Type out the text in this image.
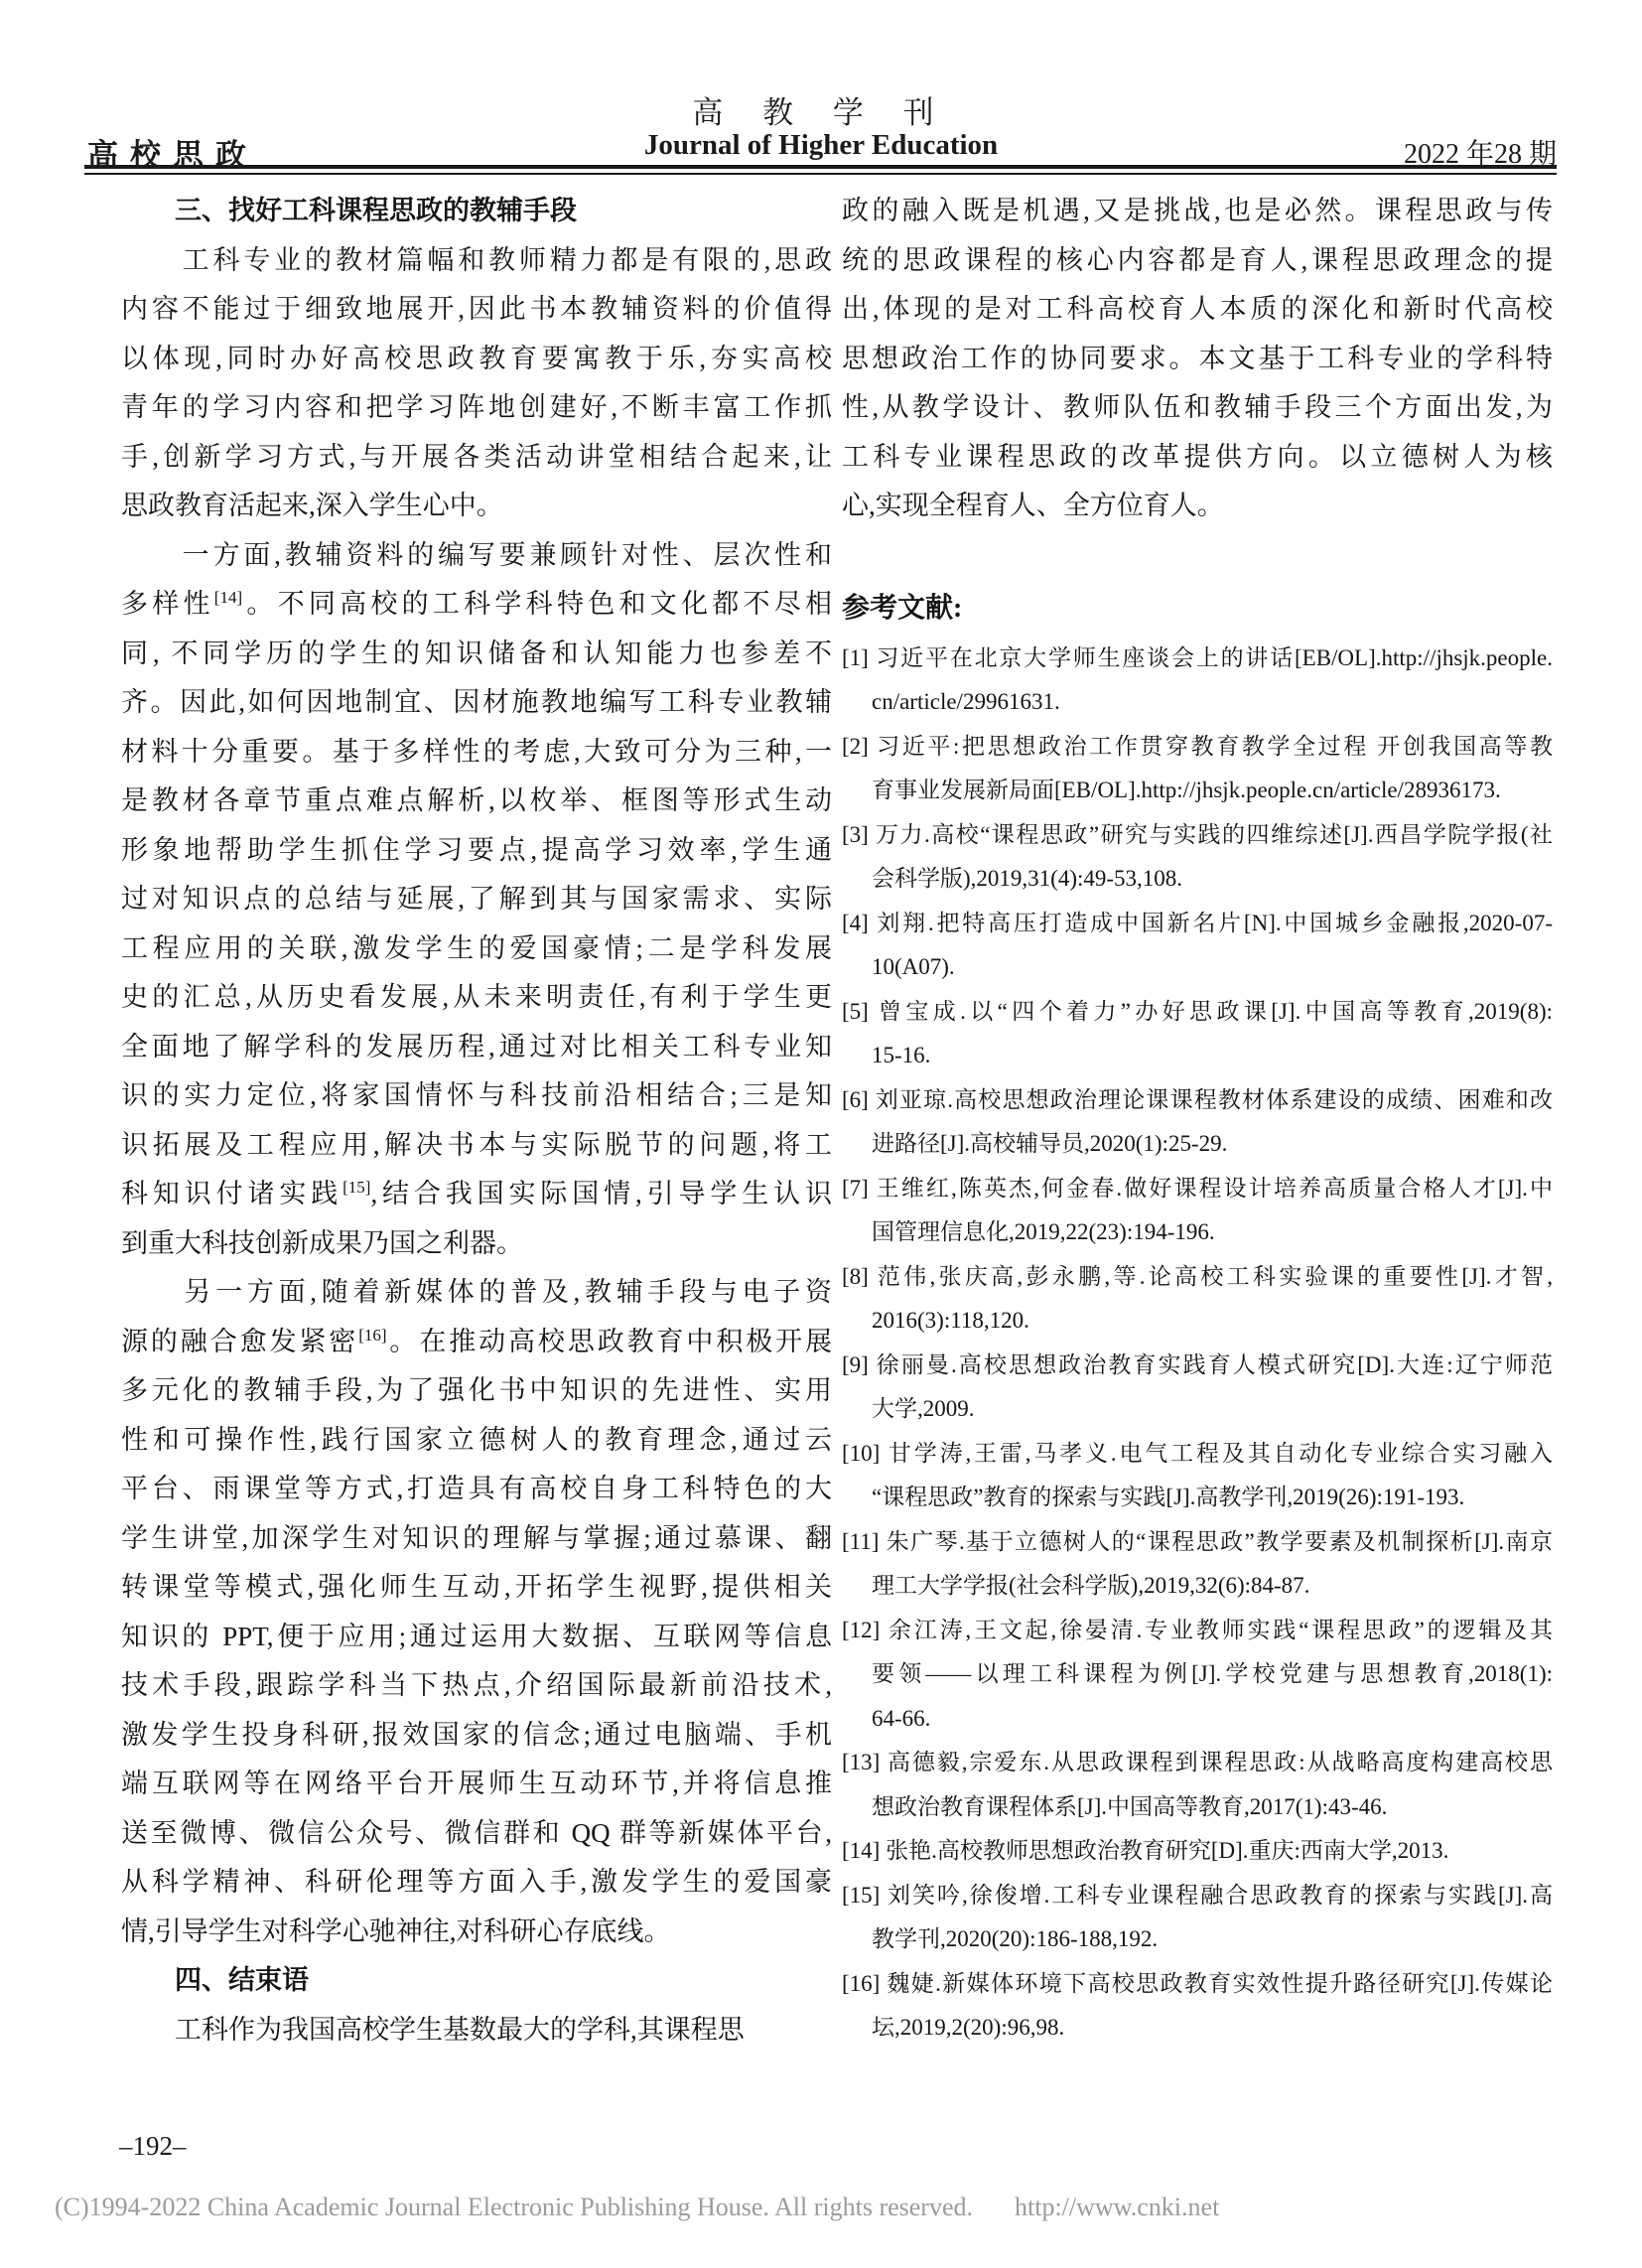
高 教 学 刊
Journal of Higher Education
高校思政	2022 年28 期
　　三、找好工科课程思政的教辅手段
　　工科专业的教材篇幅和教师精力都是有限的,思政
内容不能过于细致地展开,因此书本教辅资料的价值得
以体现,同时办好高校思政教育要寓教于乐,夯实高校
青年的学习内容和把学习阵地创建好,不断丰富工作抓
手,创新学习方式,与开展各类活动讲堂相结合起来,让
思政教育活起来,深入学生心中。
　　一方面,教辅资料的编写要兼顾针对性、层次性和
多样性[14]。不同高校的工科学科特色和文化都不尽相
同, 不同学历的学生的知识储备和认知能力也参差不
齐。因此,如何因地制宜、因材施教地编写工科专业教辅
材料十分重要。基于多样性的考虑,大致可分为三种,一
是教材各章节重点难点解析,以枚举、框图等形式生动
形象地帮助学生抓住学习要点,提高学习效率,学生通
过对知识点的总结与延展,了解到其与国家需求、实际
工程应用的关联,激发学生的爱国豪情;二是学科发展
史的汇总,从历史看发展,从未来明责任,有利于学生更
全面地了解学科的发展历程,通过对比相关工科专业知
识的实力定位,将家国情怀与科技前沿相结合;三是知
识拓展及工程应用,解决书本与实际脱节的问题,将工
科知识付诸实践[15],结合我国实际国情,引导学生认识
到重大科技创新成果乃国之利器。
　　另一方面,随着新媒体的普及,教辅手段与电子资
源的融合愈发紧密[16]。在推动高校思政教育中积极开展
多元化的教辅手段,为了强化书中知识的先进性、实用
性和可操作性,践行国家立德树人的教育理念,通过云
平台、雨课堂等方式,打造具有高校自身工科特色的大
学生讲堂,加深学生对知识的理解与掌握;通过慕课、翻
转课堂等模式,强化师生互动,开拓学生视野,提供相关
知识的 PPT,便于应用;通过运用大数据、互联网等信息
技术手段,跟踪学科当下热点,介绍国际最新前沿技术,
激发学生投身科研,报效国家的信念;通过电脑端、手机
端互联网等在网络平台开展师生互动环节,并将信息推
送至微博、微信公众号、微信群和 QQ 群等新媒体平台,
从科学精神、科研伦理等方面入手,激发学生的爱国豪
情,引导学生对科学心驰神往,对科研心存底线。
　　四、结束语
　　工科作为我国高校学生基数最大的学科,其课程思
政的融入既是机遇,又是挑战,也是必然。课程思政与传
统的思政课程的核心内容都是育人,课程思政理念的提
出,体现的是对工科高校育人本质的深化和新时代高校
思想政治工作的协同要求。本文基于工科专业的学科特
性,从教学设计、教师队伍和教辅手段三个方面出发,为
工科专业课程思政的改革提供方向。以立德树人为核
心,实现全程育人、全方位育人。
参考文献:
[1] 习近平在北京大学师生座谈会上的讲话[EB/OL].http://jhsjk.people.
cn/article/29961631.
[2] 习近平:把思想政治工作贯穿教育教学全过程 开创我国高等教
育事业发展新局面[EB/OL].http://jhsjk.people.cn/article/28936173.
[3] 万力.高校“课程思政”研究与实践的四维综述[J].西昌学院学报(社
会科学版),2019,31(4):49-53,108.
[4] 刘翔.把特高压打造成中国新名片[N].中国城乡金融报,2020-07-
10(A07).
[5] 曾宝成.以“四个着力”办好思政课[J].中国高等教育,2019(8):
15-16.
[6] 刘亚琼.高校思想政治理论课课程教材体系建设的成绩、困难和改
进路径[J].高校辅导员,2020(1):25-29.
[7] 王维红,陈英杰,何金春.做好课程设计培养高质量合格人才[J].中
国管理信息化,2019,22(23):194-196.
[8] 范伟,张庆高,彭永鹏,等.论高校工科实验课的重要性[J].才智,
2016(3):118,120.
[9] 徐丽曼.高校思想政治教育实践育人模式研究[D].大连:辽宁师范
大学,2009.
[10] 甘学涛,王雷,马孝义.电气工程及其自动化专业综合实习融入
“课程思政”教育的探索与实践[J].高教学刊,2019(26):191-193.
[11] 朱广琴.基于立德树人的“课程思政”教学要素及机制探析[J].南京
理工大学学报(社会科学版),2019,32(6):84-87.
[12] 余江涛,王文起,徐晏清.专业教师实践“课程思政”的逻辑及其
要领——以理工科课程为例[J].学校党建与思想教育,2018(1):
64-66.
[13] 高德毅,宗爱东.从思政课程到课程思政:从战略高度构建高校思
想政治教育课程体系[J].中国高等教育,2017(1):43-46.
[14] 张艳.高校教师思想政治教育研究[D].重庆:西南大学,2013.
[15] 刘笑吟,徐俊增.工科专业课程融合思政教育的探索与实践[J].高
教学刊,2020(20):186-188,192.
[16] 魏婕.新媒体环境下高校思政教育实效性提升路径研究[J].传媒论
坛,2019,2(20):96,98.
–192–
(C)1994-2022 China Academic Journal Electronic Publishing House. All rights reserved. http://www.cnki.net
